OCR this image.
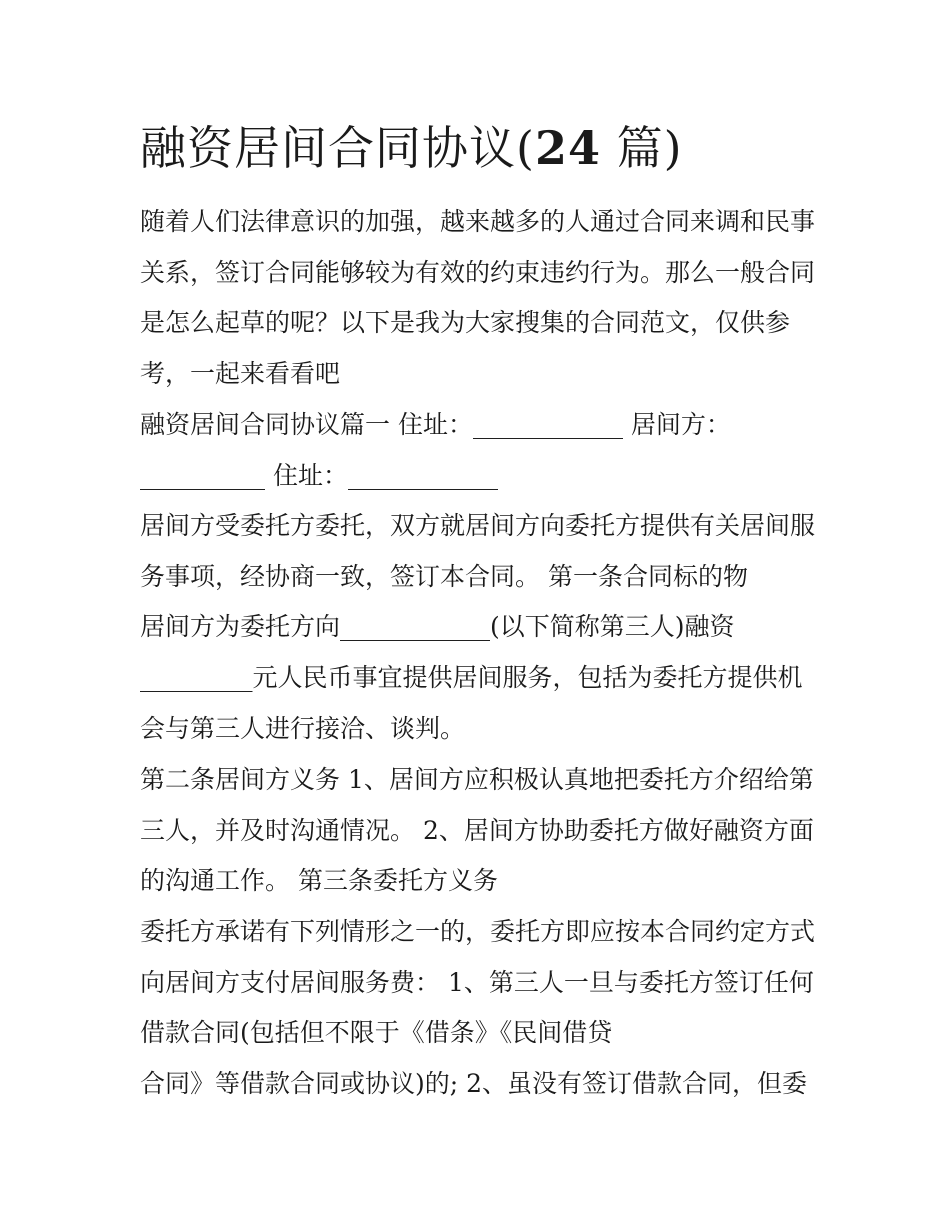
融资居间合同协议(24 篇)

随着人们法律意识的加强，越来越多的人通过合同来调和民事

关系，签订合同能够较为有效的约束违约行为。那么一般合同

是怎么起草的呢？以下是我为大家搜集的合同范文，仅供参

考，一起来看看吧

融资居间合同协议篇一 住址：____________ 居间方：

__________ 住址：____________

居间方受委托方委托，双方就居间方向委托方提供有关居间服

务事项，经协商一致，签订本合同。 第一条合同标的物

居间方为委托方向____________(以下简称第三人)融资

_________元人民币事宜提供居间服务，包括为委托方提供机

会与第三人进行接洽、谈判。

第二条居间方义务 1、居间方应积极认真地把委托方介绍给第

三人，并及时沟通情况。 2、居间方协助委托方做好融资方面

的沟通工作。 第三条委托方义务

委托方承诺有下列情形之一的，委托方即应按本合同约定方式

向居间方支付居间服务费： 1、第三人一旦与委托方签订任何

借款合同(包括但不限于《借条》《民间借贷

合同》等借款合同或协议)的; 2、虽没有签订借款合同，但委
